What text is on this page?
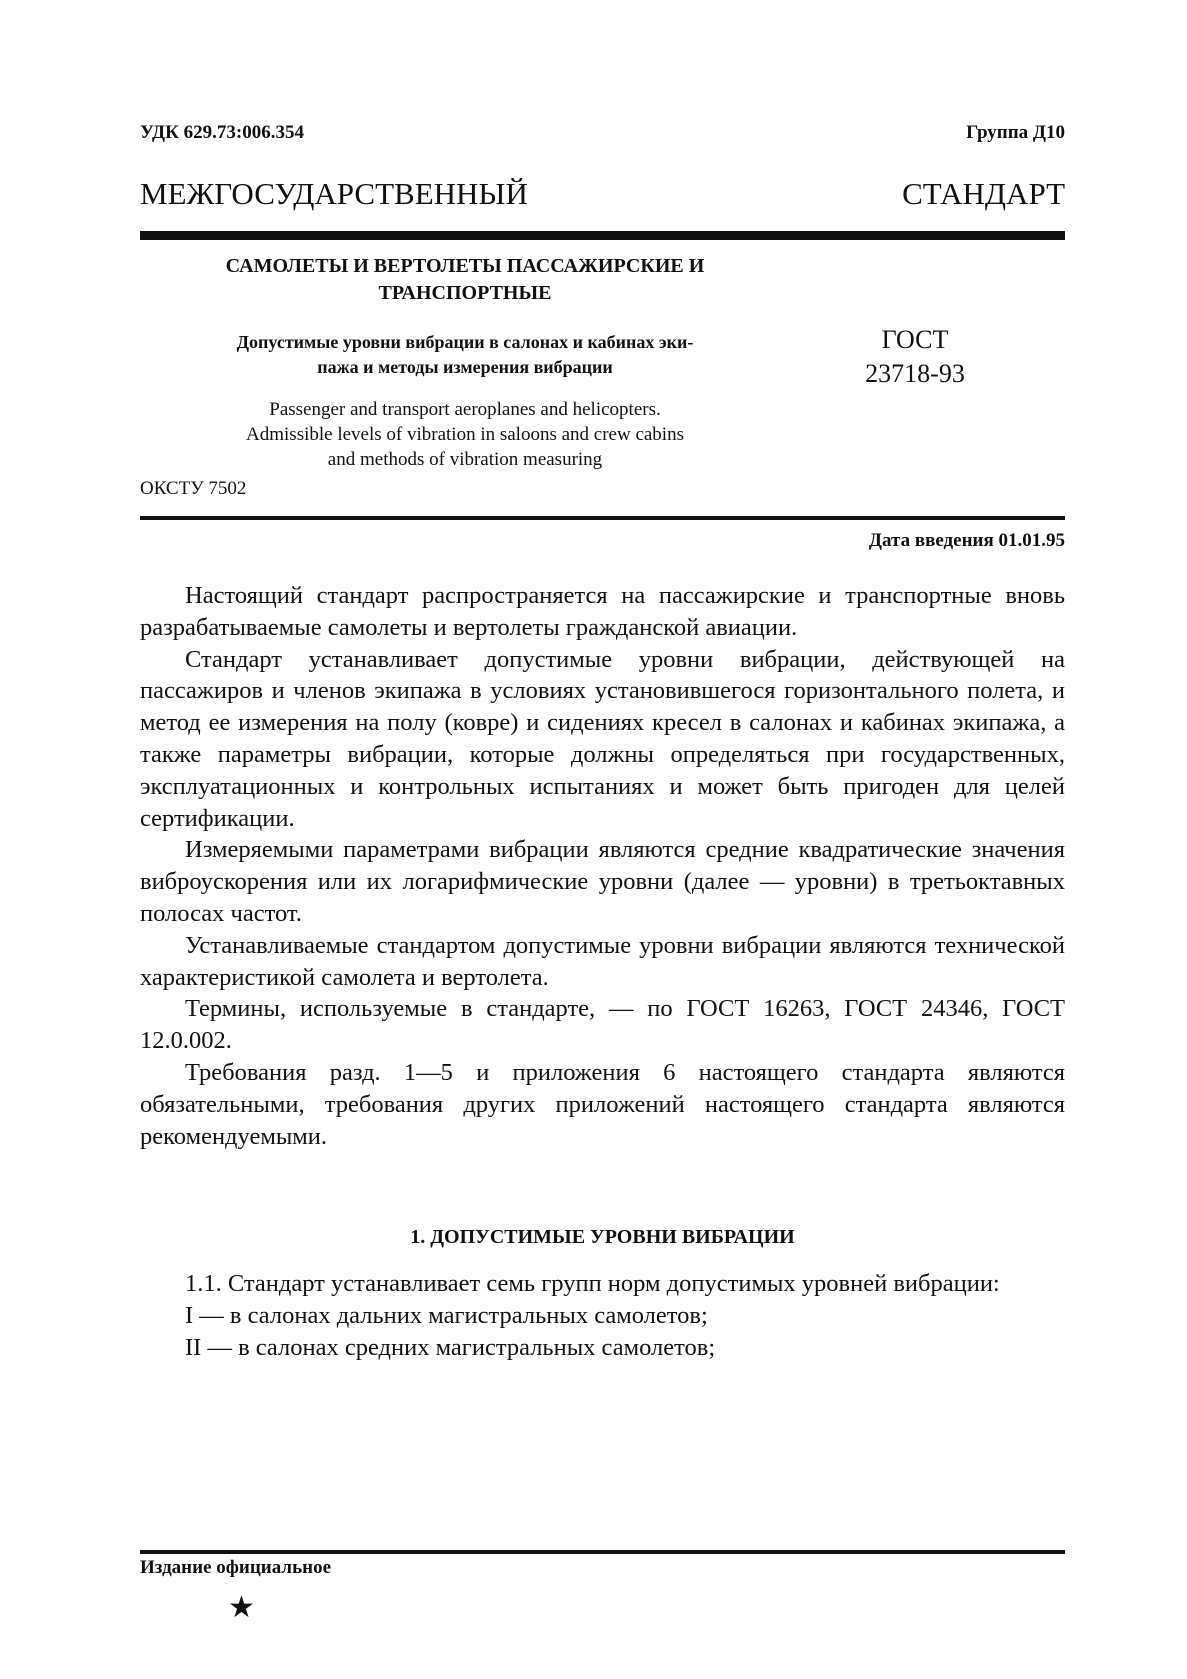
УДК 629.73:006.354	Группа Д10
МЕЖГОСУДАРСТВЕННЫЙ СТАНДАРТ
САМОЛЕТЫ И ВЕРТОЛЕТЫ ПАССАЖИРСКИЕ И
ТРАНСПОРТНЫЕ
Допустимые уровни вибрации в салонах и кабинах эки-
пажа и методы измерения вибрации
ГОСТ
23718-93
Passenger and transport aeroplanes and helicopters.
Admissible levels of vibration in saloons and crew cabins
and methods of vibration measuring
ОКСТУ 7502
Дата введения 01.01.95

Настоящий стандарт распространяется на пассажирские и транспортные вновь разрабатываемые самолеты и вертолеты гражданской авиации.

Стандарт устанавливает допустимые уровни вибрации, действующей на пассажиров и членов экипажа в условиях установившегося горизонтального полета, и метод ее измерения на полу (ковре) и сидениях кресел в салонах и кабинах экипажа, а также параметры вибрации, которые должны определяться при государственных, эксплуатационных и контрольных испытаниях и может быть пригоден для целей сертификации.

Измеряемыми параметрами вибрации являются средние квадратические значения виброускорения или их логарифмические уровни (далее — уровни) в третьоктавных полосах частот.

Устанавливаемые стандартом допустимые уровни вибрации являются технической характеристикой самолета и вертолета.

Термины, используемые в стандарте, — по ГОСТ 16263, ГОСТ 24346, ГОСТ 12.0.002.

Требования разд. 1—5 и приложения 6 настоящего стандарта являются обязательными, требования других приложений настоящего стандарта являются рекомендуемыми.

1. ДОПУСТИМЫЕ УРОВНИ ВИБРАЦИИ

1.1. Стандарт устанавливает семь групп норм допустимых уровней вибрации:

I — в салонах дальних магистральных самолетов;

II — в салонах средних магистральных самолетов;

Издание официальное
★
